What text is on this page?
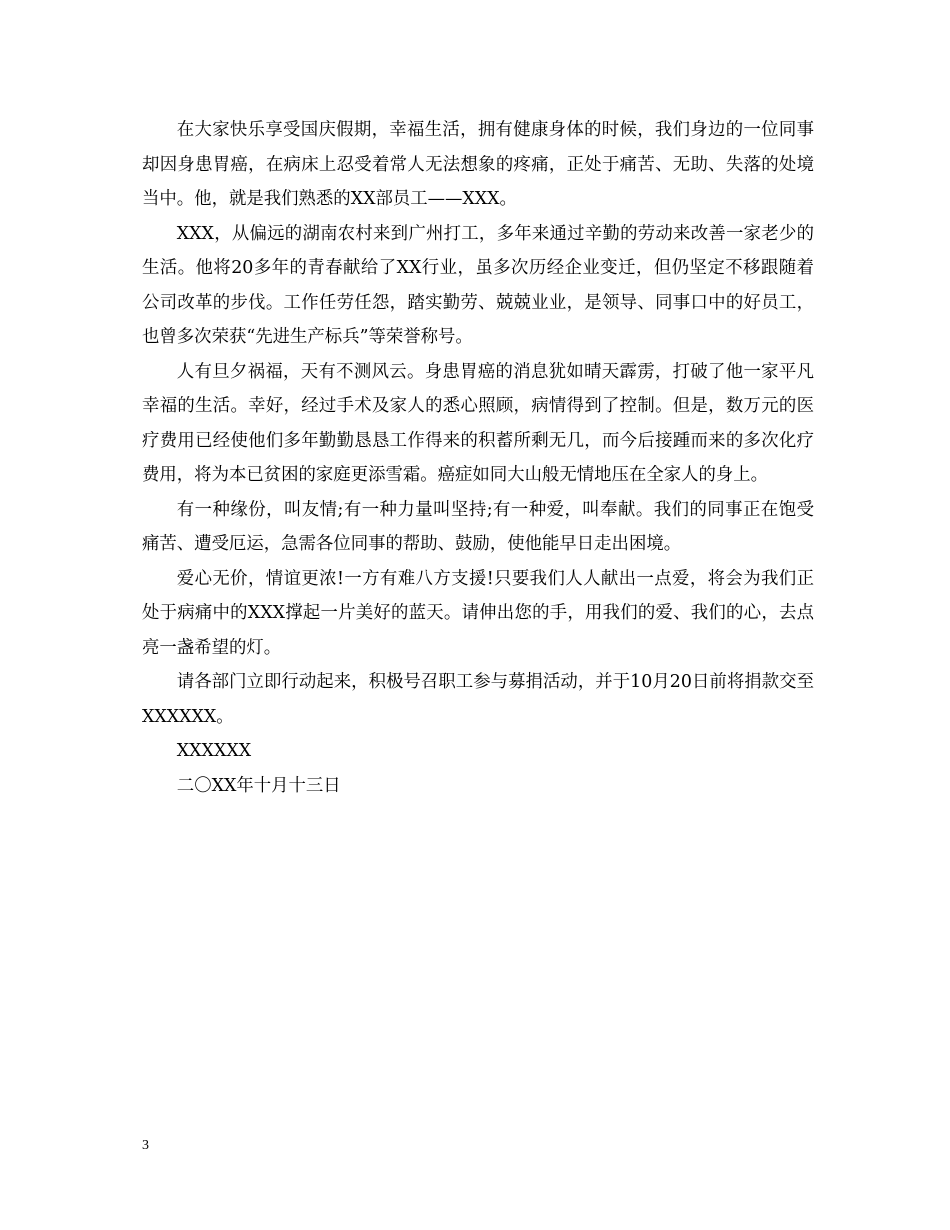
在大家快乐享受国庆假期，幸福生活，拥有健康身体的时候，我们身边的一位同事却因身患胃癌，在病床上忍受着常人无法想象的疼痛，正处于痛苦、无助、失落的处境当中。他，就是我们熟悉的XX部员工——XXX。

XXX，从偏远的湖南农村来到广州打工，多年来通过辛勤的劳动来改善一家老少的生活。他将20多年的青春献给了XX行业，虽多次历经企业变迁，但仍坚定不移跟随着公司改革的步伐。工作任劳任怨，踏实勤劳、兢兢业业，是领导、同事口中的好员工，也曾多次荣获“先进生产标兵”等荣誉称号。

人有旦夕祸福，天有不测风云。身患胃癌的消息犹如晴天霹雳，打破了他一家平凡幸福的生活。幸好，经过手术及家人的悉心照顾，病情得到了控制。但是，数万元的医疗费用已经使他们多年勤勤恳恳工作得来的积蓄所剩无几，而今后接踵而来的多次化疗费用，将为本已贫困的家庭更添雪霜。癌症如同大山般无情地压在全家人的身上。

有一种缘份，叫友情;有一种力量叫坚持;有一种爱，叫奉献。我们的同事正在饱受痛苦、遭受厄运，急需各位同事的帮助、鼓励，使他能早日走出困境。

爱心无价，情谊更浓!一方有难八方支援!只要我们人人献出一点爱，将会为我们正处于病痛中的XXX撑起一片美好的蓝天。请伸出您的手，用我们的爱、我们的心，去点亮一盏希望的灯。

请各部门立即行动起来，积极号召职工参与募捐活动，并于10月20日前将捐款交至XXXXXX。

XXXXXX

二〇XX年十月十三日

3
